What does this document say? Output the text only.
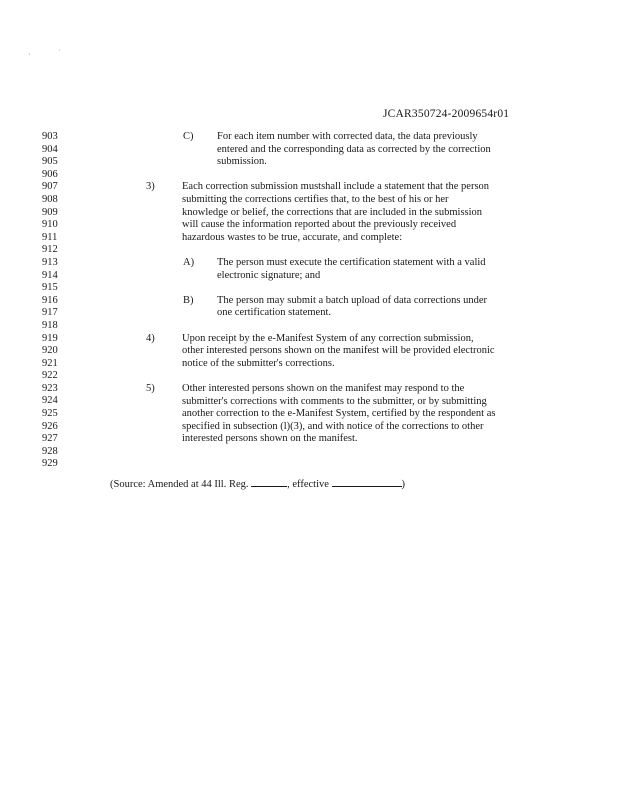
·	·
JCAR350724-2009654r01
903
904
905
906
907
908
909
910
911
912
913
914
915
916
917
918
919
920
921
922
923
924
925
926
927
928
929
C) For each item number with corrected data, the data previously
entered and the corresponding data as corrected by the correction
submission.
3)	Each correction submission mustshall include a statement that the person
submitting the corrections certifies that, to the best of his or her
knowledge or belief, the corrections that are included in the submission
will cause the information reported about the previously received
hazardous wastes to be true, accurate, and complete:
A) The person must execute the certification statement with a valid
electronic signature; and
B) The person may submit a batch upload of data corrections under
one certification statement.
4)	Upon receipt by the e-Manifest System of any correction submission,
other interested persons shown on the manifest will be provided electronic
notice of the submitter's corrections.
5)	Other interested persons shown on the manifest may respond to the
submitter's corrections with comments to the submitter, or by submitting
another correction to the e-Manifest System, certified by the respondent as
specified in subsection (l)(3), and with notice of the corrections to other
interested persons shown on the manifest.
(Source: Amended at 44 Ill. Reg.	, effective	)
